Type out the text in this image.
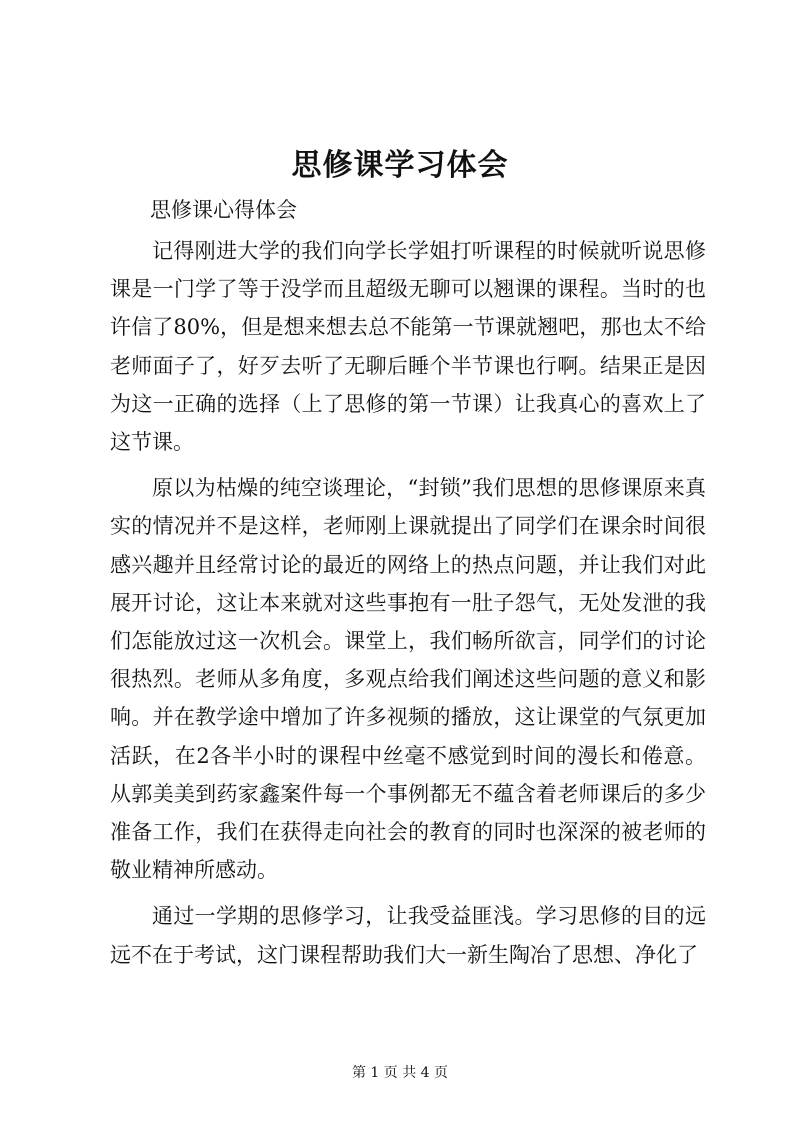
思修课学习体会

思修课心得体会

记得刚进大学的我们向学长学姐打听课程的时候就听说思修课是一门学了等于没学而且超级无聊可以翘课的课程。当时的也许信了80%，但是想来想去总不能第一节课就翘吧，那也太不给老师面子了，好歹去听了无聊后睡个半节课也行啊。结果正是因为这一正确的选择（上了思修的第一节课）让我真心的喜欢上了这节课。

原以为枯燥的纯空谈理论，“封锁”我们思想的思修课原来真实的情况并不是这样，老师刚上课就提出了同学们在课余时间很感兴趣并且经常讨论的最近的网络上的热点问题，并让我们对此展开讨论，这让本来就对这些事抱有一肚子怨气，无处发泄的我们怎能放过这一次机会。课堂上，我们畅所欲言，同学们的讨论很热烈。老师从多角度，多观点给我们阐述这些问题的意义和影响。并在教学途中增加了许多视频的播放，这让课堂的气氛更加活跃，在2各半小时的课程中丝毫不感觉到时间的漫长和倦意。从郭美美到药家鑫案件每一个事例都无不蕴含着老师课后的多少准备工作，我们在获得走向社会的教育的同时也深深的被老师的敬业精神所感动。

通过一学期的思修学习，让我受益匪浅。学习思修的目的远远不在于考试，这门课程帮助我们大一新生陶冶了思想、净化了

第 1 页 共 4 页
